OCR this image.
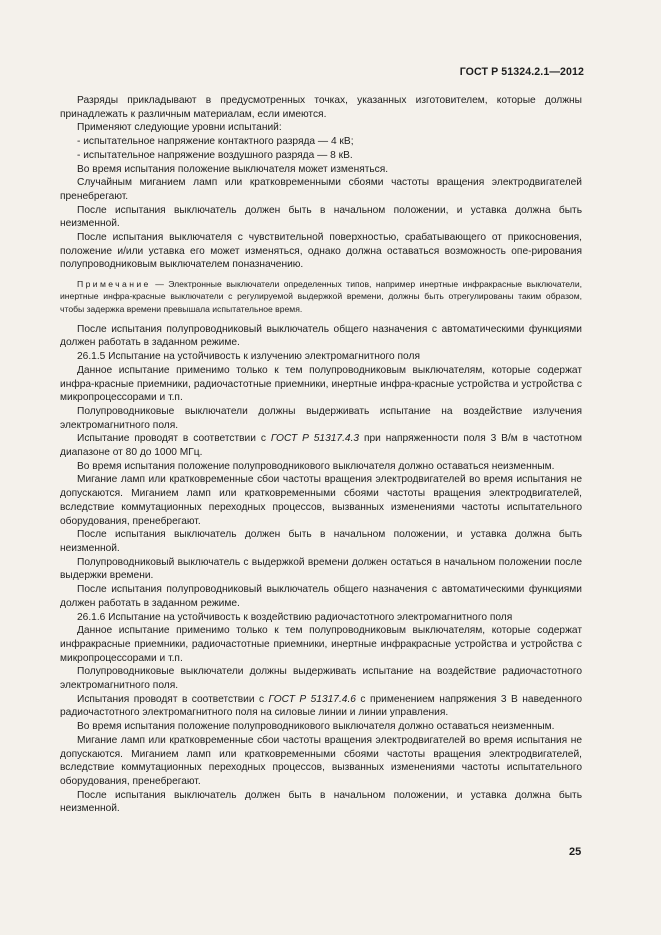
ГОСТ Р 51324.2.1—2012

Разряды прикладывают в предусмотренных точках, указанных изготовителем, которые должны принадлежать к различным материалам, если имеются.

Применяют следующие уровни испытаний:

- испытательное напряжение контактного разряда — 4 кВ;

- испытательное напряжение воздушного разряда — 8 кВ.

Во время испытания положение выключателя может изменяться.

Случайным миганием ламп или кратковременными сбоями частоты вращения электродвигателей пренебрегают.

После испытания выключатель должен быть в начальном положении, и уставка должна быть неизменной.

После испытания выключателя с чувствительной поверхностью, срабатывающего от прикосновения, положение и/или уставка его может изменяться, однако должна оставаться возможность опе-рирования полупроводниковым выключателем поназначению.

Примечание — Электронные выключатели определенных типов, например инертные инфракрасные выключатели, инертные инфра-красные выключатели с регулируемой выдержкой времени, должны быть отрегулированы таким образом, чтобы задержка времени превышала испытательное время.

После испытания полупроводниковый выключатель общего назначения с автоматическими функциями должен работать в заданном режиме.

26.1.5 Испытание на устойчивость к излучению электромагнитного поля

Данное испытание применимо только к тем полупроводниковым выключателям, которые содержат инфра-красные приемники, радиочастотные приемники, инертные инфра-красные устройства и устройства с микропроцессорами и т.п.

Полупроводниковые выключатели должны выдерживать испытание на воздействие излучения электромагнитного поля.

Испытание проводят в соответствии с ГОСТ Р 51317.4.3 при напряженности поля 3 В/м в частотном диапазоне от 80 до 1000 МГц.

Во время испытания положение полупроводникового выключателя должно оставаться неизменным.

Мигание ламп или кратковременные сбои частоты вращения электродвигателей во время испытания не допускаются. Миганием ламп или кратковременными сбоями частоты вращения электродвигателей, вследствие коммутационных переходных процессов, вызванных изменениями частоты испытательного оборудования, пренебрегают.

После испытания выключатель должен быть в начальном положении, и уставка должна быть неизменной.

Полупроводниковый выключатель с выдержкой времени должен остаться в начальном положении после выдержки времени.

После испытания полупроводниковый выключатель общего назначения с автоматическими функциями должен работать в заданном режиме.

26.1.6 Испытание на устойчивость к воздействию радиочастотного электромагнитного поля

Данное испытание применимо только к тем полупроводниковым выключателям, которые содержат инфракрасные приемники, радиочастотные приемники, инертные инфракрасные устройства и устройства с микропроцессорами и т.п.

Полупроводниковые выключатели должны выдерживать испытание на воздействие радиочастотного электромагнитного поля.

Испытания проводят в соответствии с ГОСТ Р 51317.4.6 с применением напряжения 3 В наведенного радиочастотного электромагнитного поля на силовые линии и линии управления.

Во время испытания положение полупроводникового выключателя должно оставаться неизменным.

Мигание ламп или кратковременные сбои частоты вращения электродвигателей во время испытания не допускаются. Миганием ламп или кратковременными сбоями частоты вращения электродвигателей, вследствие коммутационных переходных процессов, вызванных изменениями частоты испытательного оборудования, пренебрегают.

После испытания выключатель должен быть в начальном положении, и уставка должна быть неизменной.

25
